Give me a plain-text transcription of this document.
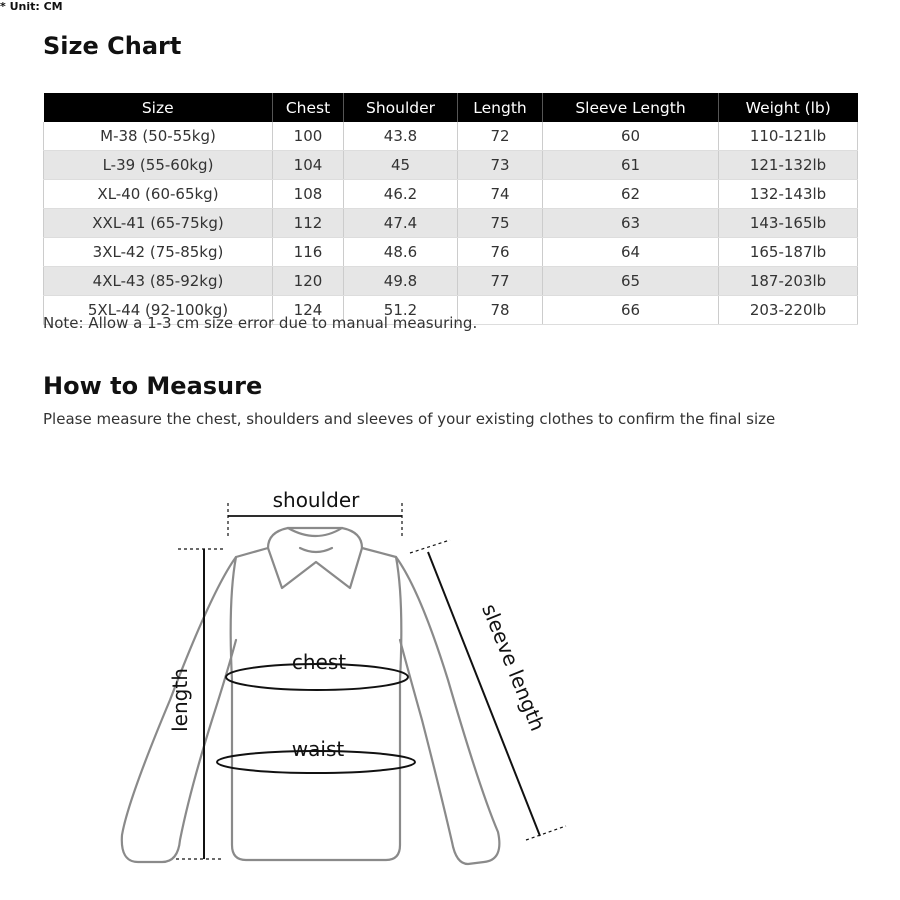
Size Chart
* Unit: CM
Size	Chest	Shoulder	Length	Sleeve Length	Weight (lb)
M-38 (50-55kg)	100	43.8	72	60	110-121lb
L-39 (55-60kg)	104	45	73	61	121-132lb
XL-40 (60-65kg)	108	46.2	74	62	132-143lb
XXL-41 (65-75kg)	112	47.4	75	63	143-165lb
3XL-42 (75-85kg)	116	48.6	76	64	165-187lb
4XL-43 (85-92kg)	120	49.8	77	65	187-203lb
5XL-44 (92-100kg)	124	51.2	78	66	203-220lb
Note: Allow a 1-3 cm size error due to manual measuring.
How to Measure
Please measure the chest, shoulders and sleeves of your existing clothes to confirm the final size
shoulder
length
chest
waist
sleeve length
